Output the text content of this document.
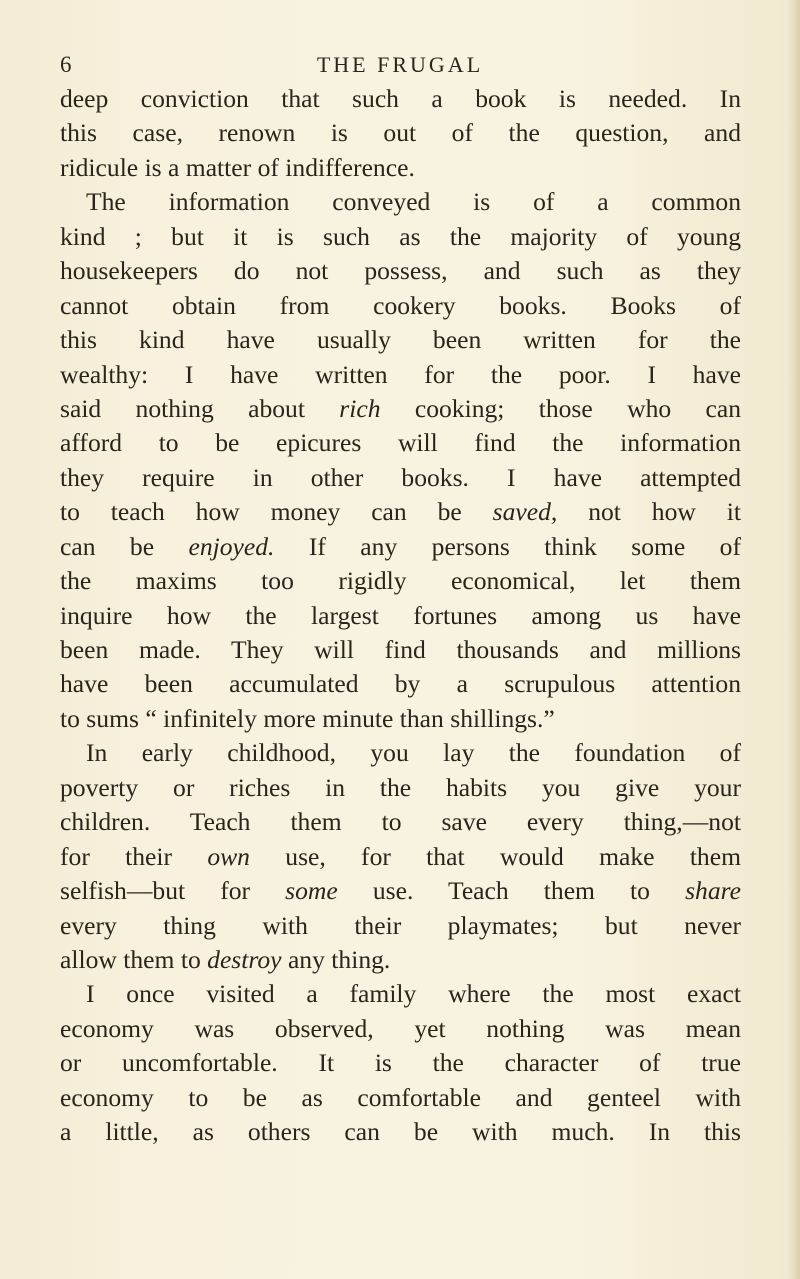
6	THE FRUGAL
deep conviction that such a book is needed. In
this case, renown is out of the question, and
ridicule is a matter of indifference.
The information conveyed is of a common
kind ; but it is such as the majority of young
housekeepers do not possess, and such as they
cannot obtain from cookery books. Books of
this kind have usually been written for the
wealthy: I have written for the poor. I have
said nothing about rich cooking; those who can
afford to be epicures will find the information
they require in other books. I have attempted
to teach how money can be saved, not how it
can be enjoyed. If any persons think some of
the maxims too rigidly economical, let them
inquire how the largest fortunes among us have
been made. They will find thousands and millions
have been accumulated by a scrupulous attention
to sums “ infinitely more minute than shillings.”
In early childhood, you lay the foundation of
poverty or riches in the habits you give your
children. Teach them to save every thing,—not
for their own use, for that would make them
selfish—but for some use. Teach them to share
every thing with their playmates; but never
allow them to destroy any thing.
I once visited a family where the most exact
economy was observed, yet nothing was mean
or uncomfortable. It is the character of true
economy to be as comfortable and genteel with
a little, as others can be with much. In this
